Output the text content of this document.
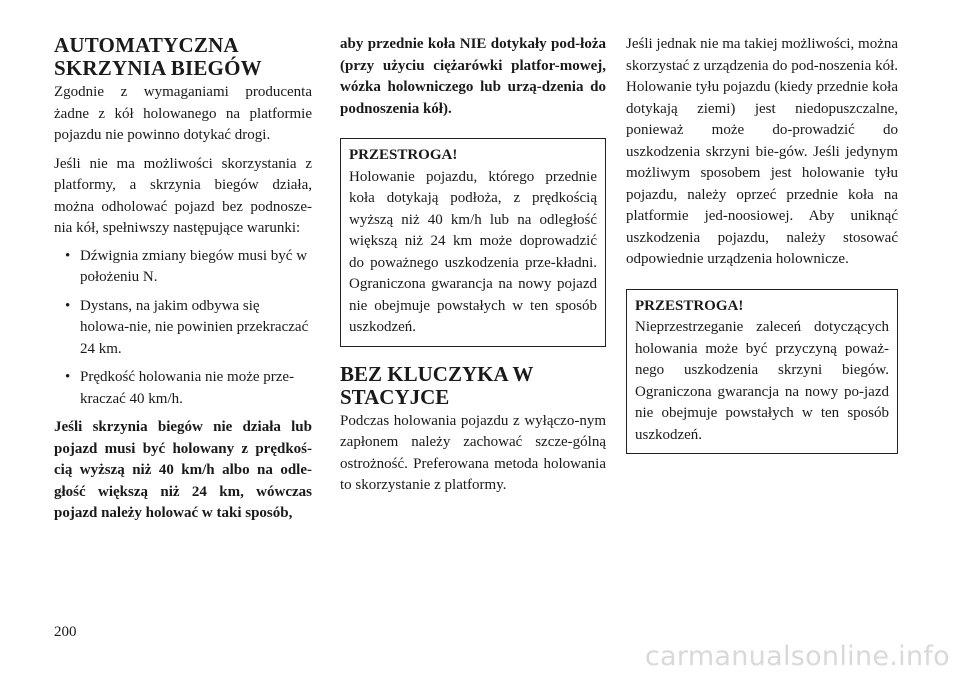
AUTOMATYCZNA SKRZYNIA BIEGÓW

Zgodnie z wymaganiami producenta żadne z kół holowanego na platformie pojazdu nie powinno dotykać drogi.

Jeśli nie ma możliwości skorzystania z platformy, a skrzynia biegów działa, można odholować pojazd bez podnosze-nia kół, spełniwszy następujące warunki:

• Dźwignia zmiany biegów musi być w położeniu N.
• Dystans, na jakim odbywa się holowa-nie, nie powinien przekraczać 24 km.
• Prędkość holowania nie może prze-kraczać 40 km/h.

Jeśli skrzynia biegów nie działa lub pojazd musi być holowany z prędkoś-cią wyższą niż 40 km/h albo na odle-głość większą niż 24 km, wówczas pojazd należy holować w taki sposób,

aby przednie koła NIE dotykały pod-łoża (przy użyciu ciężarówki platfor-mowej, wózka holowniczego lub urzą-dzenia do podnoszenia kół).

PRZESTROGA!
Holowanie pojazdu, którego przednie koła dotykają podłoża, z prędkością wyższą niż 40 km/h lub na odległość większą niż 24 km może doprowadzić do poważnego uszkodzenia prze-kładni. Ograniczona gwarancja na nowy pojazd nie obejmuje powstałych w ten sposób uszkodzeń.
BEZ KLUCZYKA W STACYJCE

Podczas holowania pojazdu z wyłączo-nym zapłonem należy zachować szcze-gólną ostrożność. Preferowana metoda holowania to skorzystanie z platformy.

Jeśli jednak nie ma takiej możliwości, można skorzystać z urządzenia do pod-noszenia kół. Holowanie tyłu pojazdu (kiedy przednie koła dotykają ziemi) jest niedopuszczalne, ponieważ może do-prowadzić do uszkodzenia skrzyni bie-gów. Jeśli jedynym możliwym sposobem jest holowanie tyłu pojazdu, należy oprzeć przednie koła na platformie jed-noosiowej. Aby uniknąć uszkodzenia pojazdu, należy stosować odpowiednie urządzenia holownicze.

PRZESTROGA!
Nieprzestrzeganie zaleceń dotyczących holowania może być przyczyną poważ-nego uszkodzenia skrzyni biegów. Ograniczona gwarancja na nowy po-jazd nie obejmuje powstałych w ten sposób uszkodzeń.
200
carmanualsonline.info
